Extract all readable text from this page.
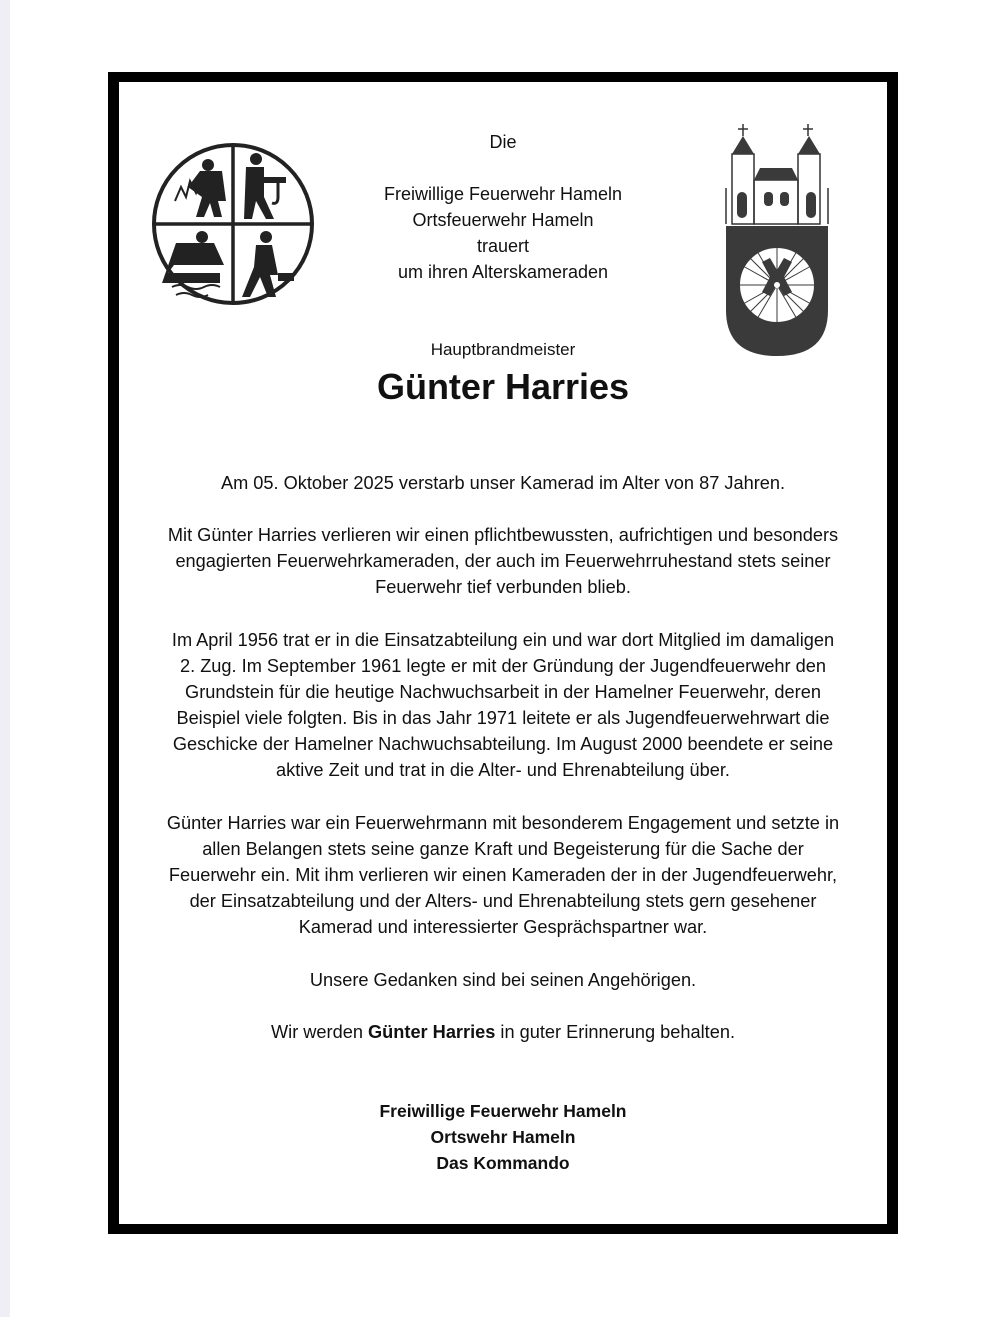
Die
Freiwillige Feuerwehr Hameln
Ortsfeuerwehr Hameln
trauert
um ihren Alterskameraden
Hauptbrandmeister
Günter Harries
Am 05. Oktober 2025 verstarb unser Kamerad im Alter von 87 Jahren.
Mit Günter Harries verlieren wir einen pflichtbewussten, aufrichtigen und besonders
engagierten Feuerwehrkameraden, der auch im Feuerwehrruhestand stets seiner
Feuerwehr tief verbunden blieb.
Im April 1956 trat er in die Einsatzabteilung ein und war dort Mitglied im damaligen
2. Zug. Im September 1961 legte er mit der Gründung der Jugendfeuerwehr den
Grundstein für die heutige Nachwuchsarbeit in der Hamelner Feuerwehr, deren
Beispiel viele folgten. Bis in das Jahr 1971 leitete er als Jugendfeuerwehrwart die
Geschicke der Hamelner Nachwuchsabteilung. Im August 2000 beendete er seine
aktive Zeit und trat in die Alter- und Ehrenabteilung über.
Günter Harries war ein Feuerwehrmann mit besonderem Engagement und setzte in
allen Belangen stets seine ganze Kraft und Begeisterung für die Sache der
Feuerwehr ein. Mit ihm verlieren wir einen Kameraden der in der Jugendfeuerwehr,
der Einsatzabteilung und der Alters- und Ehrenabteilung stets gern gesehener
Kamerad und interessierter Gesprächspartner war.
Unsere Gedanken sind bei seinen Angehörigen.
Wir werden Günter Harries in guter Erinnerung behalten.
Freiwillige Feuerwehr Hameln
Ortswehr Hameln
Das Kommando
